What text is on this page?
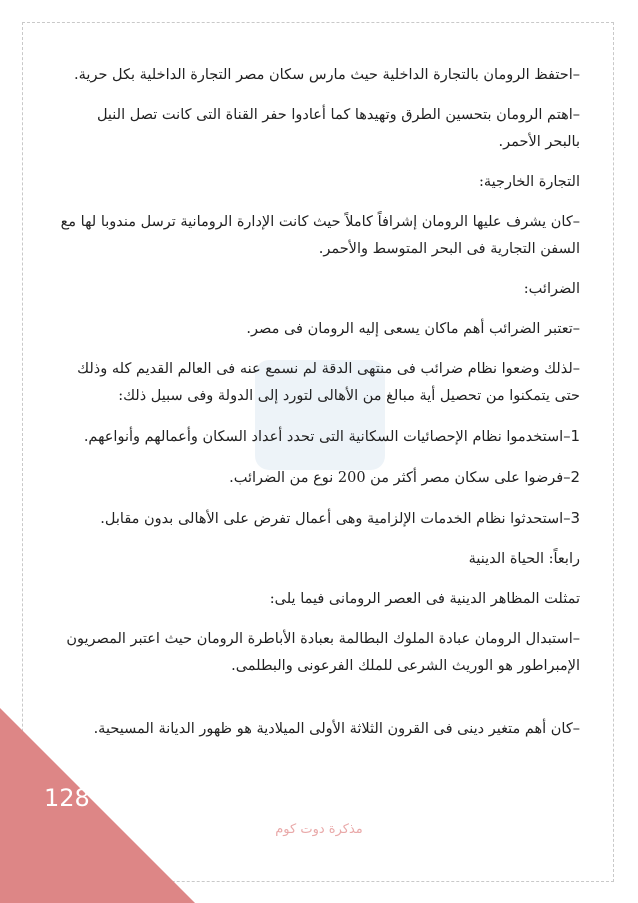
–احتفظ الرومان بالتجارة الداخلية حيث مارس سكان مصر التجارة الداخلية بكل حرية.

–اهتم الرومان بتحسين الطرق وتهيدها كما أعادوا حفر القناة التى كانت تصل النيل بالبحر الأحمر.

التجارة الخارجية:

–كان يشرف عليها الرومان إشرافاً كاملاً حيث كانت الإدارة الرومانية ترسل مندوبا لها مع السفن التجارية فى البحر المتوسط والأحمر.

الضرائب:

–تعتبر الضرائب أهم ماكان يسعى إليه الرومان فى مصر.

–لذلك وضعوا نظام ضرائب فى منتهى الدقة لم نسمع عنه فى العالم القديم كله وذلك حتى يتمكنوا من تحصيل أية مبالغ من الأهالى لتورد إلى الدولة وفى سبيل ذلك:

1–استخدموا نظام الإحصائيات السكانية التى تحدد أعداد السكان وأعمالهم وأنواعهم.

2–فرضوا على سكان مصر أكثر من 200 نوع من الضرائب.

3–استحدثوا نظام الخدمات الإلزامية وهى أعمال تفرض على الأهالى بدون مقابل.

رابعاً: الحياة الدينية

تمثلت المظاهر الدينية فى العصر الرومانى فيما يلى:

–استبدال الرومان عبادة الملوك البطالمة بعبادة الأباطرة الرومان حيث اعتبر المصريون الإمبراطور هو الوريث الشرعى للملك الفرعونى والبطلمى.

–كان أهم متغير دينى فى القرون الثلاثة الأولى الميلادية هو ظهور الديانة المسيحية.

128
مذكرة دوت كوم
